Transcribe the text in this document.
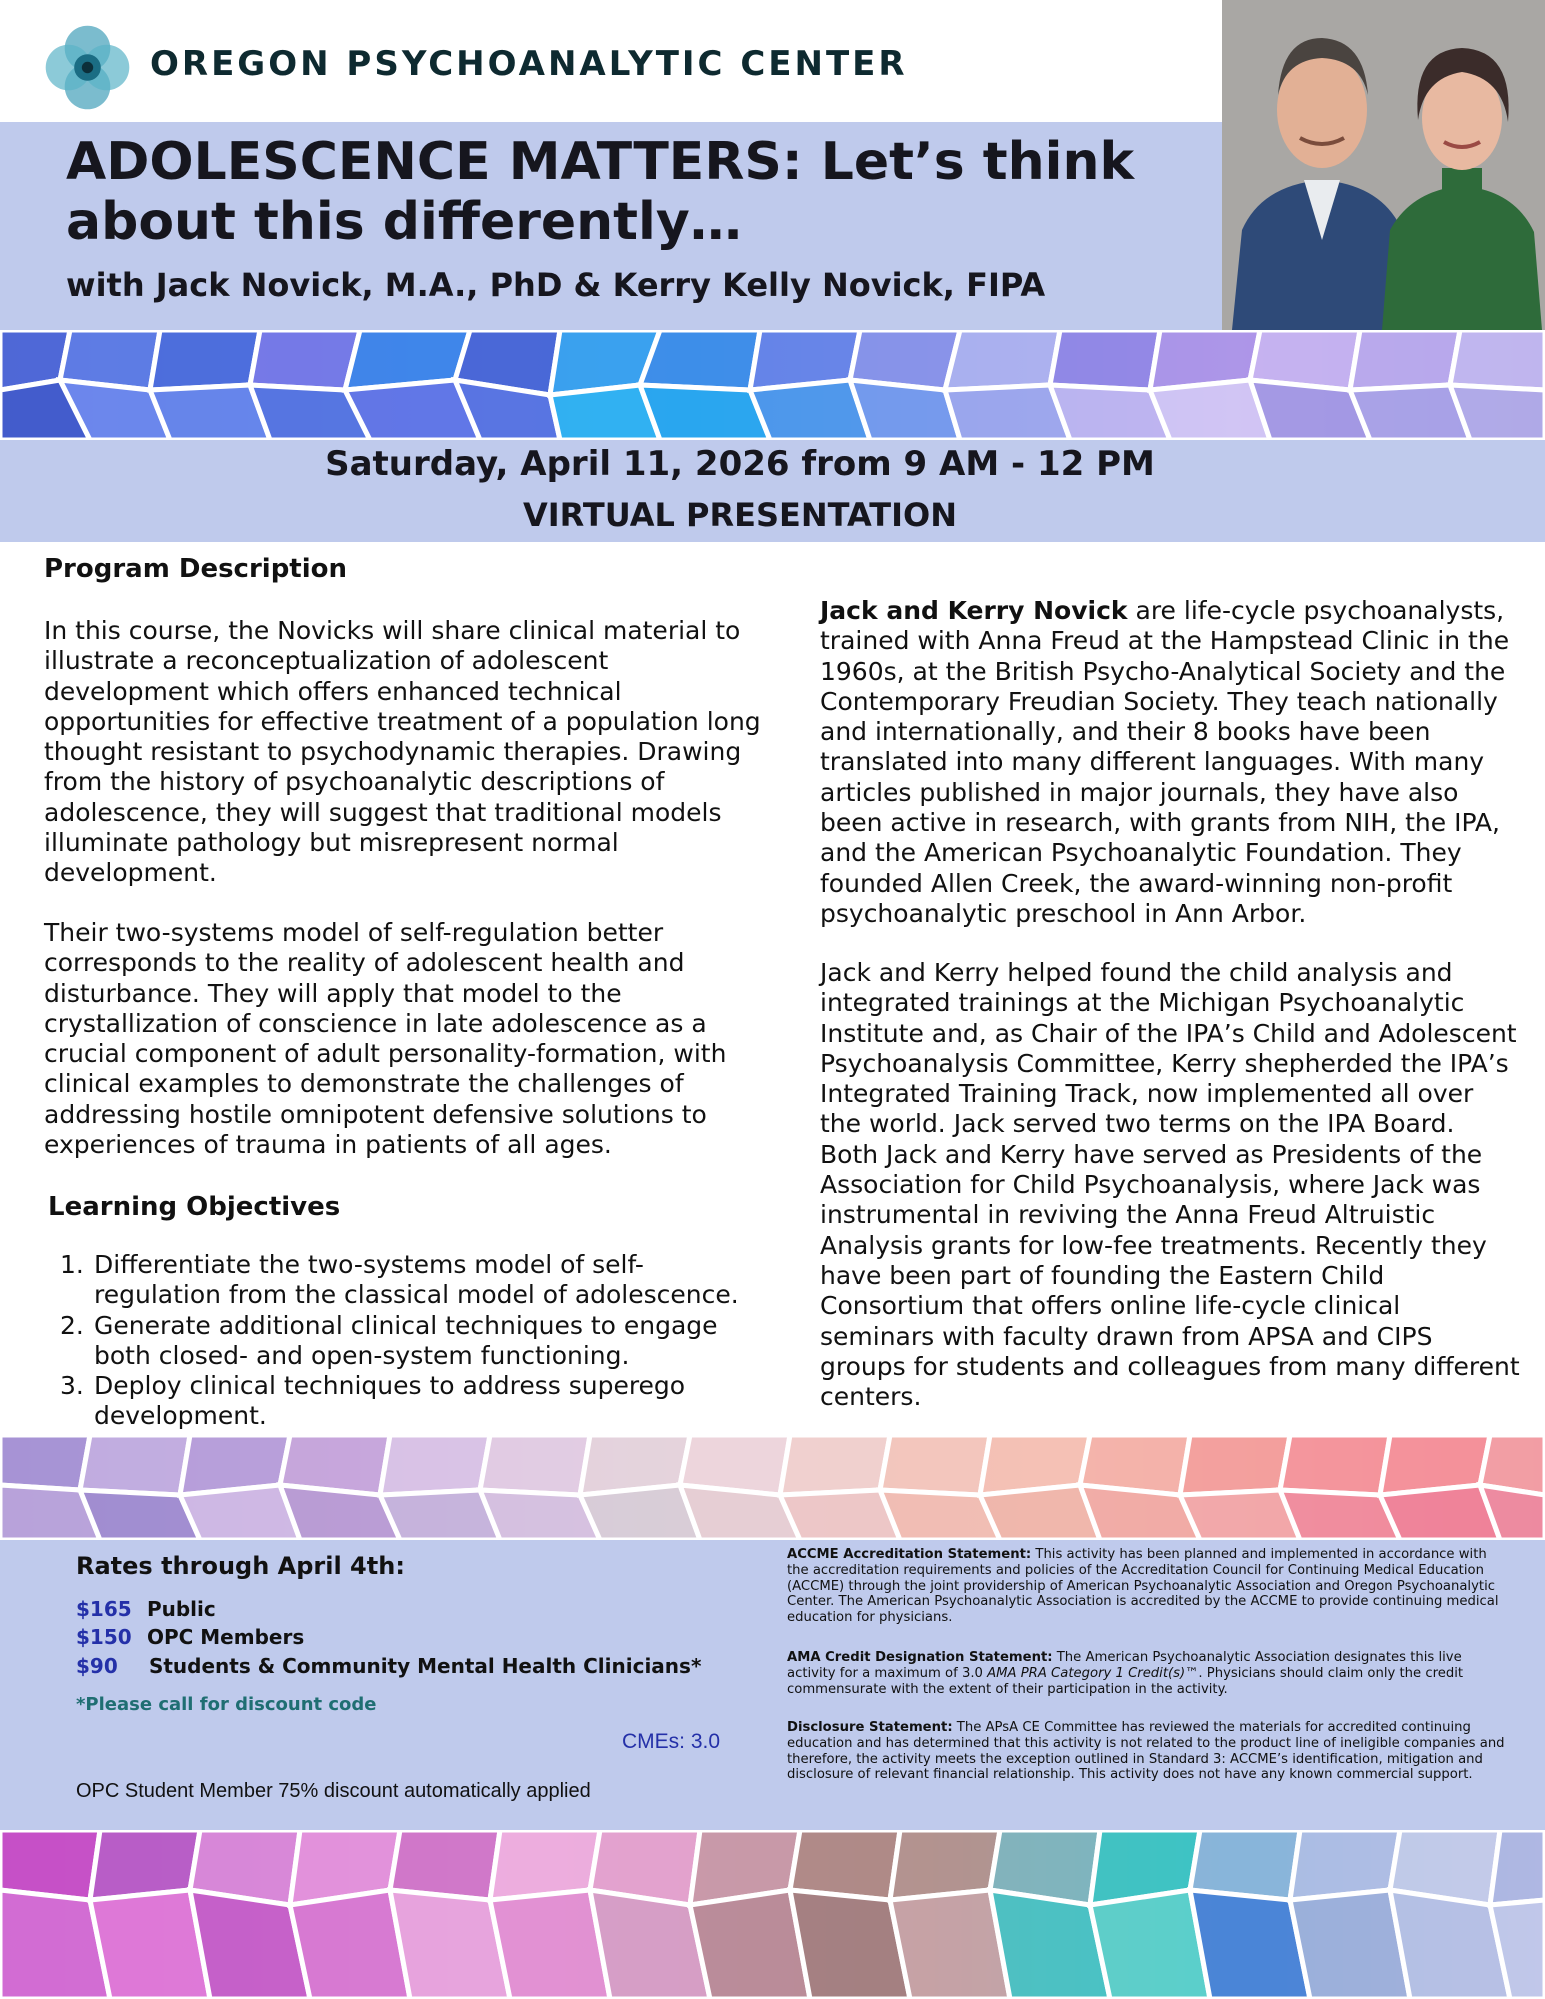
OREGON PSYCHOANALYTIC CENTER
ADOLESCENCE MATTERS: Let’s think about this differently…
with Jack Novick, M.A., PhD & Kerry Kelly Novick, FIPA
Saturday, April 11, 2026 from 9 AM - 12 PM
VIRTUAL PRESENTATION
Program Description

In this course, the Novicks will share clinical material to illustrate a reconceptualization of adolescent development which offers enhanced technical opportunities for effective treatment of a population long thought resistant to psychodynamic therapies. Drawing from the history of psychoanalytic descriptions of adolescence, they will suggest that traditional models illuminate pathology but misrepresent normal development.

Their two-systems model of self-regulation better corresponds to the reality of adolescent health and disturbance. They will apply that model to the crystallization of conscience in late adolescence as a crucial component of adult personality-formation, with clinical examples to demonstrate the challenges of addressing hostile omnipotent defensive solutions to experiences of trauma in patients of all ages.

Learning Objectives
1. Differentiate the two-systems model of self-regulation from the classical model of adolescence.
2. Generate additional clinical techniques to engage both closed- and open-system functioning.
3. Deploy clinical techniques to address superego development.

Jack and Kerry Novick are life-cycle psychoanalysts, trained with Anna Freud at the Hampstead Clinic in the 1960s, at the British Psycho-Analytical Society and the Contemporary Freudian Society. They teach nationally and internationally, and their 8 books have been translated into many different languages. With many articles published in major journals, they have also been active in research, with grants from NIH, the IPA, and the American Psychoanalytic Foundation. They founded Allen Creek, the award-winning non-profit psychoanalytic preschool in Ann Arbor.

Jack and Kerry helped found the child analysis and integrated trainings at the Michigan Psychoanalytic Institute and, as Chair of the IPA’s Child and Adolescent Psychoanalysis Committee, Kerry shepherded the IPA’s Integrated Training Track, now implemented all over the world. Jack served two terms on the IPA Board. Both Jack and Kerry have served as Presidents of the Association for Child Psychoanalysis, where Jack was instrumental in reviving the Anna Freud Altruistic Analysis grants for low-fee treatments. Recently they have been part of founding the Eastern Child Consortium that offers online life-cycle clinical seminars with faculty drawn from APSA and CIPS groups for students and colleagues from many different centers.

Rates through April 4th:
$165 Public
$150 OPC Members
$90 Students & Community Mental Health Clinicians*
*Please call for discount code
CMEs: 3.0
OPC Student Member 75% discount automatically applied

ACCME Accreditation Statement: This activity has been planned and implemented in accordance with the accreditation requirements and policies of the Accreditation Council for Continuing Medical Education (ACCME) through the joint providership of American Psychoanalytic Association and Oregon Psychoanalytic Center. The American Psychoanalytic Association is accredited by the ACCME to provide continuing medical education for physicians.

AMA Credit Designation Statement: The American Psychoanalytic Association designates this live activity for a maximum of 3.0 AMA PRA Category 1 Credit(s)™. Physicians should claim only the credit commensurate with the extent of their participation in the activity.

Disclosure Statement: The APsA CE Committee has reviewed the materials for accredited continuing education and has determined that this activity is not related to the product line of ineligible companies and therefore, the activity meets the exception outlined in Standard 3: ACCME’s identification, mitigation and disclosure of relevant financial relationship. This activity does not have any known commercial support.
